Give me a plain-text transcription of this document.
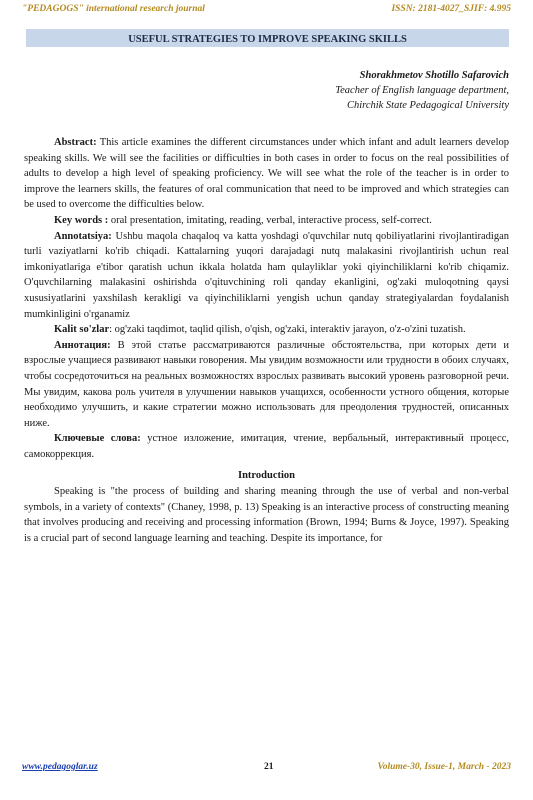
"PEDAGOGS" international research journal	ISSN: 2181-4027_SJIF: 4.995
USEFUL STRATEGIES TO IMPROVE SPEAKING SKILLS
Shorakhmetov Shotillo Safarovich
Teacher of English language department,
Chirchik State Pedagogical University

Abstract: This article examines the different circumstances under which infant and adult learners develop speaking skills. We will see the facilities or difficulties in both cases in order to focus on the real possibilities of adults to develop a high level of speaking proficiency. We will see what the role of the teacher is in order to improve the learners skills, the features of oral communication that need to be improved and which strategies can be used to overcome the difficulties below.

Key words : oral presentation, imitating, reading, verbal, interactive process, self-correct.

Annotatsiya: Ushbu maqola chaqaloq va katta yoshdagi o'quvchilar nutq qobiliyatlarini rivojlantiradigan turli vaziyatlarni ko'rib chiqadi. Kattalarning yuqori darajadagi nutq malakasini rivojlantirish uchun real imkoniyatlariga e'tibor qaratish uchun ikkala holatda ham qulayliklar yoki qiyinchiliklarni ko'rib chiqamiz. O'quvchilarning malakasini oshirishda o'qituvchining roli qanday ekanligini, og'zaki muloqotning qaysi xususiyatlarini yaxshilash kerakligi va qiyinchiliklarni yengish uchun qanday strategiyalardan foydalanish mumkinligini o'rganamiz

Kalit so'zlar: og'zaki taqdimot, taqlid qilish, o'qish, og'zaki, interaktiv jarayon, o'z-o'zini tuzatish.

Аннотация: В этой статье рассматриваются различные обстоятельства, при которых дети и взрослые учащиеся развивают навыки говорения. Мы увидим возможности или трудности в обоих случаях, чтобы сосредоточиться на реальных возможностях взрослых развивать высокий уровень разговорной речи. Мы увидим, какова роль учителя в улучшении навыков учащихся, особенности устного общения, которые необходимо улучшить, и какие стратегии можно использовать для преодоления трудностей, описанных ниже.

Ключевые слова: устное изложение, имитация, чтение, вербальный, интерактивный процесс, самокоррекция.

Introduction

Speaking is "the process of building and sharing meaning through the use of verbal and non-verbal symbols, in a variety of contexts" (Chaney, 1998, p. 13) Speaking is an interactive process of constructing meaning that involves producing and receiving and processing information (Brown, 1994; Burns & Joyce, 1997). Speaking is a crucial part of second language learning and teaching. Despite its importance, for

www.pedagoglar.uz	21	Volume-30, Issue-1, March - 2023
